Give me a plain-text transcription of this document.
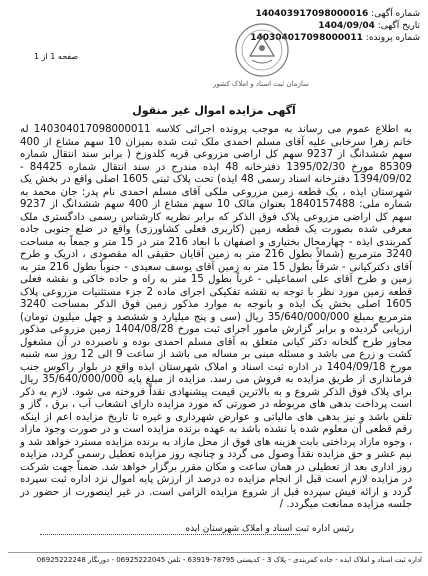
شماره آگهی: 140403917098000016
تاریخ آگهی: 1404/09/04
شماره پرونده: 140304017098000011
صفحه 1 از 1
سازمان ثبت اسناد و املاک کشور
آگهی مزایده اموال غیر منقول
به اطلاع عموم می رساند به موجب پرونده اجرائی کلاسه 140304017098000011 له خانم زهرا سرخابی علیه آقای مسلم احمدی ملک ثبت شده بمیزان 10 سهم مشاع از 400 سهم ششدانگ از 9237 سهم کل اراضی مزروعی قریه کلدوزخ ( برابر سند انتقال شماره 85309 مورخ 1395/02/30 دفترخانه 48 ایذه مندرج در سند انتقال شماره 84425 - 1394/09/02 دفترخانه اسناد رسمی 48 ایذه) تحت پلاک ثبتی 1605 اصلی واقع در بخش یک شهرستان ایذه ، یک قطعه زمین مزروعی ملکی آقای مسلم احمدی نام پدر: جان محمد به شماره ملی: 1840157488 بعنوان مالک 10 سهم مشاع از 400 سهم ششدانگ از 9237 سهم کل اراضی مزروعی پلاک فوق الذکر که برابر نظریه کارشناس رسمی دادگستری ملک معرفی شده بصورت یک قطعه زمین (کاربری فعلی کشاورزی) واقع در ضلع جنوبی جاده کمربندی ایذه - چهارمحال بختیاری و اصفهان با ابعاد 216 متر در 15 متر و جمعاً به مساحت 3240 مترمربع (شمالاً بطول 216 متر به زمین آقایان حقیقی اله مقصودی ، ادریک و طرح آقای دکترکیانی - شرقاً بطول 15 متر به زمین آقای یوسف سعیدی - جنوباً بطول 216 متر به زمین و طرح آقای علی اسماعیلی - غرباً بطول 15 متر به راه و جاده خاکی و نقشه فعلی قطعه زمین مورد نظر با توجه به نقشه تفکیکی اجرای ماده 2 جزء مستثنیات مزروعی پلاک 1605 اصلی بخش یک ایذه و بانوجه به موارد مذکور زمین فوق الذکر بمساحت 3240 مترمربع بمبلغ 35/640/000/000 ریال (سی و پنج میلیارد و ششصد و چهل میلیون تومان) ارزیابی گردیده و برابر گزارش مامور اجرای ثبت مورخ 1404/08/28 زمین مزروعی مذکور مجاور طرح گلخانه دکتر کیانی متعلق به آقای مسلم احمدی بوده و ناصبرده در آن مشغول کشت و زرع می باشد و مسئله مبنی بر مساله می باشد از ساعت 9 الی 12 روز سه شنبه مورخ 1404/09/18 در اداره ثبت اسناد و املاک شهرستان ایذه واقع در بلوار راکوس جنب فرمانداری از طریق مزایده به فروش می رسد. مزایده از مبلغ پایه 35/640/000/000 ریال برای پلاک فوق الذکر شروع و به بالاترین قیمت پیشنهادی نقداً فروخته می شود. لازم به ذکر است پرداخت بدهی های مربوطه در صورتی که مورد مزایده دارای انشعاب آب ، برق ، گاز و تلفن باشد و نیز بدهی های مالیاتی و عوارض شهرداری و غیره تا تاریخ مزایده اعم از اینکه رقم قطعی آن معلوم شده یا نشده باشد به عهده برنده مزایده است و در صورت وجود مازاد ، وجوه مازاد پرداختی بابت هزینه های فوق از محل مازاد به برنده مزایده مسترد خواهد شد و نیم عشر و حق مزایده نقداً وصول می گردد و چنانچه روز مزایده تعطیل رسمی گردد، مزایده روز اداری بعد از تعطیلی در همان ساعت و مکان مقرر برگزار خواهد شد. ضمناً جهت شرکت در مزایده لازم است قبل از انجام مزایده ده درصد از ارزش پایه اموال نزد اداره ثبت سپرده گردد و ارائه فیش سپرده قبل از شروع مزایده الزامی است. در غیر اینصورت از حضور در جلسه مزایده ممانعت میگردد. /
رئیس اداره ثبت اسناد و املاک شهرستان ایذه
اداره ثبت اسناد و املاک ایذه - جاده کمربندی - پلاک 3 - کدپستی 78795-63919 - تلفن 06925222045 - دورنگار 06925222248
